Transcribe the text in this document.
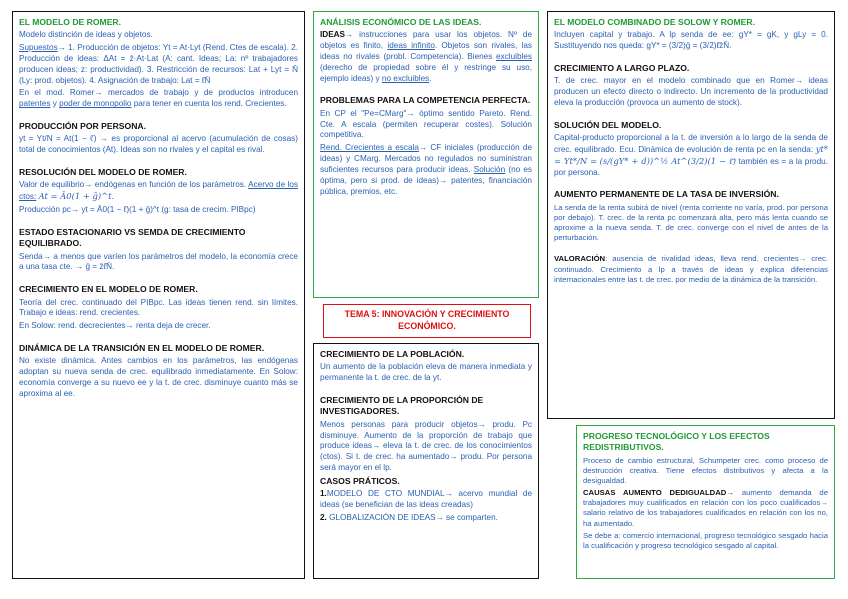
EL MODELO DE ROMER.

Modelo distinción de ideas y objetos.

Supuestos→ 1. Producción de objetos: Yt = At·Lyt (Rend. Ctes de escala). 2. Producción de ideas: ΔAt = z̄·At·Lat (A: cant. Ideas; La: nº trabajadores producen ideas; z: productividad). 3. Restricción de recursos: Lat + Lyt = N̄ (Ly: prod. objetos). 4. Asignación de trabajo: Lat = ℓ̄N̄

En el mod. Romer→ mercados de trabajo y de productos introducen patentes y poder de monopolio para tener en cuenta los rend. Crecientes.

PRODUCCIÓN POR PERSONA.

yt = Yt/N = At(1 − ℓ̄) → es proporcional al acervo (acumulación de cosas) total de conocimientos (At). Ideas son no rivales y el capital es rival.

RESOLUCIÓN DEL MODELO DE ROMER.

Valor de equilibrio→ endógenas en función de los parámetros. Acervo de los ctos: At = Ā0(1 + ḡ)^t.

Producción pc→ yt = Ā0(1 − ℓ̄)(1 + ḡ)^t (g: tasa de crecim. PIBpc)

ESTADO ESTACIONARIO VS SEMDA DE CRECIMIENTO EQUILIBRADO.

Senda→ a menos que varíen los parámetros del modelo, la economía crece a una tasa cte. → ḡ = z̄ℓ̄N̄.

CRECIMIENTO EN EL MODELO DE ROMER.

Teoría del crec. continuado del PIBpc. Las ideas tienen rend. sin límites. Trabajo e ideas: rend. crecientes.

En Solow: rend. decrecientes→ renta deja de crecer.

DINÁMICA DE LA TRANSICIÓN EN EL MODELO DE ROMER.

No existe dinámica. Antes cambios en los parámetros, las endógenas adoptan su nueva senda de crec. equilibrado inmediatamente. En Solow: economía converge a su nuevo ee y la t. de crec. disminuye cuanto más se aproxima al ee.

ANÁLISIS ECONÓMICO DE LAS IDEAS.

IDEAS→ instrucciones para usar los objetos. Nº de objetos es finito, ideas infinito. Objetos son rivales, las ideas no rivales (probl. Competencia). Bienes excluibles (derecho de propiedad sobre él y restringe su uso, ejemplo ideas) y no excluibles.

PROBLEMAS PARA LA COMPETENCIA PERFECTA.

En CP el "Pe=CMarg"→ óptimo sentido Pareto. Rend. Cte. A escala (permiten recuperar costes). Solución competitiva.

Rend. Crecientes a escala→ CF iniciales (producción de ideas) y CMarg. Mercados no regulados no suministran suficientes recursos para producir ideas. Solución (no es óptima, pero si prod. de ideas)→ patentes, financiación pública, premios, etc.

TEMA 5: INNOVACIÓN Y CRECIMIENTO ECONÓMICO.
CRECIMIENTO DE LA POBLACIÓN.

Un aumento de la población eleva de manera inmediata y permanente la t. de crec. de la yt.

CRECIMIENTO DE LA PROPORCIÓN DE INVESTIGADORES.

Menos personas para producir objetos→ produ. Pc disminuye. Aumento de la proporción de trabajo que produce ideas→ eleva la t. de crec. de los conocimientos (ctos). Si t. de crec. ha aumentado→ produ. Por persona será mayor en el lp.

CASOS PRÁTICOS.

1.MODELO DE CTO MUNDIAL→ acervo mundial de ideas (se benefician de las ideas creadas)

2. GLOBALIZACIÓN DE IDEAS→ se comparten.

EL MODELO COMBINADO DE SOLOW Y ROMER.

Incluyen capital y trabajo. A lp senda de ee: gY* = gK, y gLy = 0. Sustituyendo nos queda: gY* = (3/2)ḡ = (3/2)ℓ̄z̄N̄.

CRECIMIENTO A LARGO PLAZO.

T. de crec. mayor en el modelo combinado que en Romer→ ideas producen un efecto directo o indirecto. Un incremento de la productividad eleva la producción (provoca un aumento de stock).

SOLUCIÓN DEL MODELO.

Capital-producto proporcional a la t. de inversión a lo largo de la senda de crec. equilibrado. Ecu. Dinámica de evolución de renta pc en la senda: yt* = Yt*/N = (s/(gY* + d))^½ At^(3/2)(1 − ℓ̄) también es = a la produ. por persona.

AUMENTO PERMANENTE DE LA TASA DE INVERSIÓN.

La senda de la renta subirá de nivel (renta corriente no varía, prod. por persona por debajo). T. crec. de la renta pc comenzará alta, pero más lenta cuando se aproxime a la nueva senda. T. de crec. converge con el nivel de antes de la perturbación.

VALORACIÓN: ausencia de rivalidad ideas, lleva rend. crecientes→ crec. continuado. Crecimiento a lp a través de ideas y explica diferencias internacionales entre las t. de crec. por medio de la dinámica de la transición.

PROGRESO TECNOLÓGICO Y LOS EFECTOS REDISTRIBUTIVOS.

Proceso de cambio estructural, Schumpeter crec. como proceso de destrucción creativa. Tiene efectos distributivos y afecta a la desigualdad.

CAUSAS AUMENTO DEDIGUALDAD→ aumento demanda de trabajadores muy cualificados en relación con los poco cualificados→ salario relativo de los trabajadores cualificados en relación con los no, ha aumentado.

Se debe a: comercio internacional, progreso tecnológico sesgado hacia la cualificación y progreso tecnológico sesgado al capital.
